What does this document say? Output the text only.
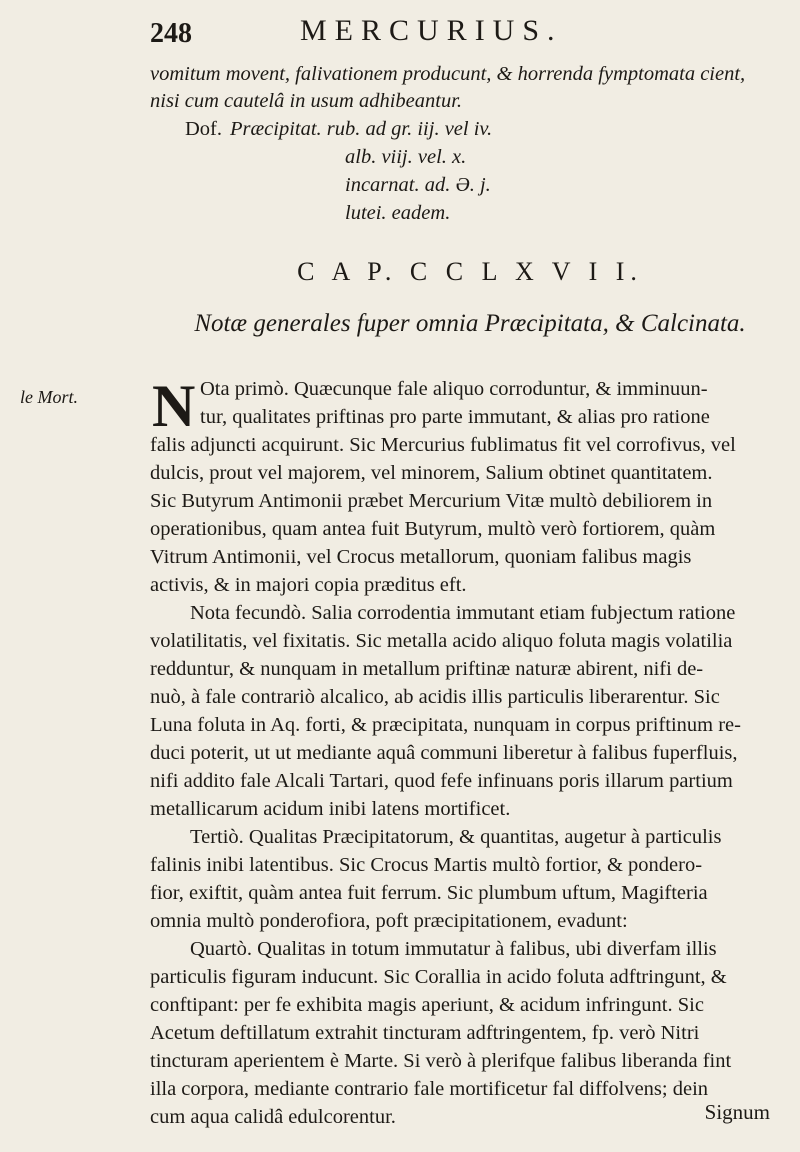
248	MERCURIUS.
vomitum movent, falivationem producunt, & horrenda fymptomata cient,
nisi cum cautelâ in usum adhibeantur.
Dof. Præcipitat. rub. ad gr. iij. vel iv.
alb. viij. vel. x.
incarnat. ad. Ə. j.
lutei. eadem.
C A P. C C L X V I I.
Notæ generales fuper omnia Præcipitata, & Calcinata.
le Mort. N Ota primò. Quæcunque fale aliquo corroduntur, & imminuun-
tur, qualitates priftinas pro parte immutant, & alias pro ratione
falis adjuncti acquirunt. Sic Mercurius fublimatus fit vel corrofivus, vel
dulcis, prout vel majorem, vel minorem, Salium obtinet quantitatem.
Sic Butyrum Antimonii præbet Mercurium Vitæ multò debiliorem in
operationibus, quam antea fuit Butyrum, multò verò fortiorem, quàm
Vitrum Antimonii, vel Crocus metallorum, quoniam falibus magis
activis, & in majori copia præditus eft.
Nota fecundò. Salia corrodentia immutant etiam fubjectum ratione
volatilitatis, vel fixitatis. Sic metalla acido aliquo foluta magis volatilia
redduntur, & nunquam in metallum priftinæ naturæ abirent, nifi de-
nuò, à fale contrariò alcalico, ab acidis illis particulis liberarentur. Sic
Luna foluta in Aq. forti, & præcipitata, nunquam in corpus priftinum re-
duci poterit, ut ut mediante aquâ communi liberetur à falibus fuperfluis,
nifi addito fale Alcali Tartari, quod fefe infinuans poris illarum partium
metallicarum acidum inibi latens mortificet.
Tertiò. Qualitas Præcipitatorum, & quantitas, augetur à particulis
falinis inibi latentibus. Sic Crocus Martis multò fortior, & pondero-
fior, exiftit, quàm antea fuit ferrum. Sic plumbum uftum, Magifteria
omnia multò ponderofiora, poft præcipitationem, evadunt:
Quartò. Qualitas in totum immutatur à falibus, ubi diverfam illis
particulis figuram inducunt. Sic Corallia in acido foluta adftringunt, &
conftipant: per fe exhibita magis aperiunt, & acidum infringunt. Sic
Acetum deftillatum extrahit tincturam adftringentem, fp. verò Nitri
tincturam aperientem è Marte. Si verò à plerifque falibus liberanda fint
illa corpora, mediante contrario fale mortificetur fal diffolvens; dein
cum aqua calidâ edulcorentur.	Signum
